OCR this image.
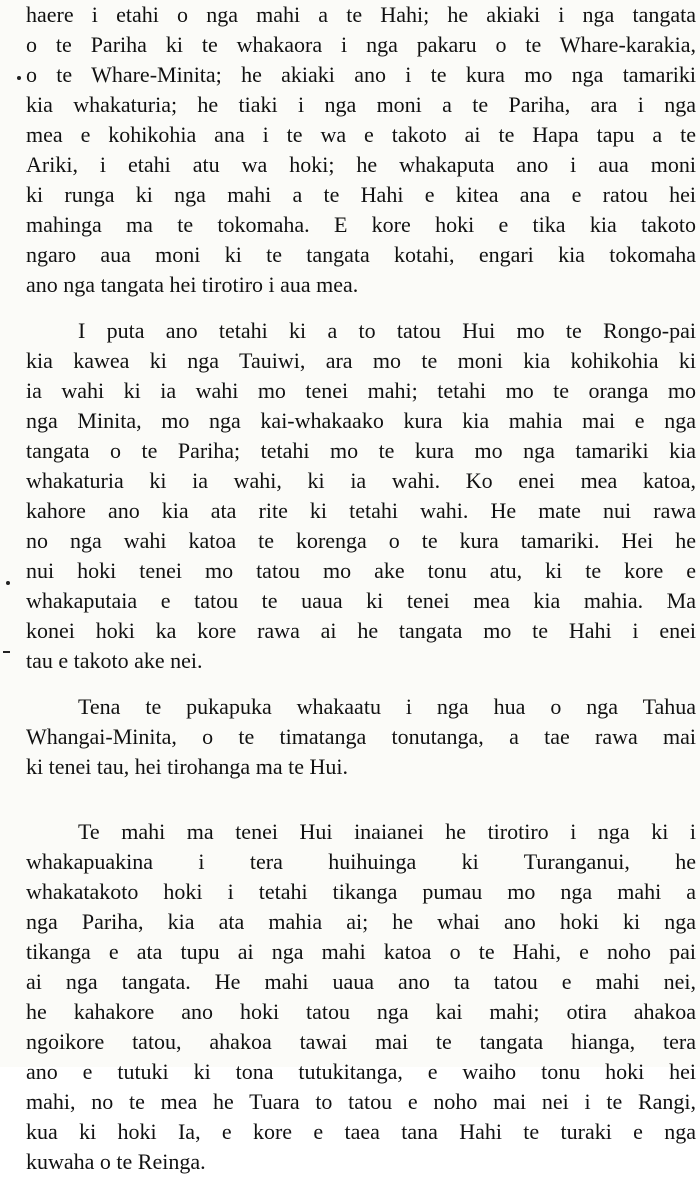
haere i etahi o nga mahi a te Hahi; he akiaki i nga tangata
o te Pariha ki te whakaora i nga pakaru o te Whare-karakia,
o te Whare-Minita; he akiaki ano i te kura mo nga tamariki
kia whakaturia; he tiaki i nga moni a te Pariha, ara i nga
mea e kohikohia ana i te wa e takoto ai te Hapa tapu a te
Ariki, i etahi atu wa hoki; he whakaputa ano i aua moni
ki runga ki nga mahi a te Hahi e kitea ana e ratou hei
mahinga ma te tokomaha. E kore hoki e tika kia takoto
ngaro aua moni ki te tangata kotahi, engari kia tokomaha
ano nga tangata hei tirotiro i aua mea.
I puta ano tetahi ki a to tatou Hui mo te Rongo-pai
kia kawea ki nga Tauiwi, ara mo te moni kia kohikohia ki
ia wahi ki ia wahi mo tenei mahi; tetahi mo te oranga mo
nga Minita, mo nga kai-whakaako kura kia mahia mai e nga
tangata o te Pariha; tetahi mo te kura mo nga tamariki kia
whakaturia ki ia wahi, ki ia wahi. Ko enei mea katoa,
kahore ano kia ata rite ki tetahi wahi. He mate nui rawa
no nga wahi katoa te korenga o te kura tamariki. Hei he
nui hoki tenei mo tatou mo ake tonu atu, ki te kore e
whakaputaia e tatou te uaua ki tenei mea kia mahia. Ma
konei hoki ka kore rawa ai he tangata mo te Hahi i enei
tau e takoto ake nei.
Tena te pukapuka whakaatu i nga hua o nga Tahua
Whangai-Minita, o te timatanga tonutanga, a tae rawa mai
ki tenei tau, hei tirohanga ma te Hui.
Te mahi ma tenei Hui inaianei he tirotiro i nga ki i
whakapuakina i tera huihuinga ki Turanganui, he
whakatakoto hoki i tetahi tikanga pumau mo nga mahi a
nga Pariha, kia ata mahia ai; he whai ano hoki ki nga
tikanga e ata tupu ai nga mahi katoa o te Hahi, e noho pai
ai nga tangata. He mahi uaua ano ta tatou e mahi nei,
he kahakore ano hoki tatou nga kai mahi; otira ahakoa
ngoikore tatou, ahakoa tawai mai te tangata hianga, tera
ano e tutuki ki tona tutukitanga, e waiho tonu hoki hei
mahi, no te mea he Tuara to tatou e noho mai nei i te Rangi,
kua ki hoki Ia, e kore e taea tana Hahi te turaki e nga
kuwaha o te Reinga.
